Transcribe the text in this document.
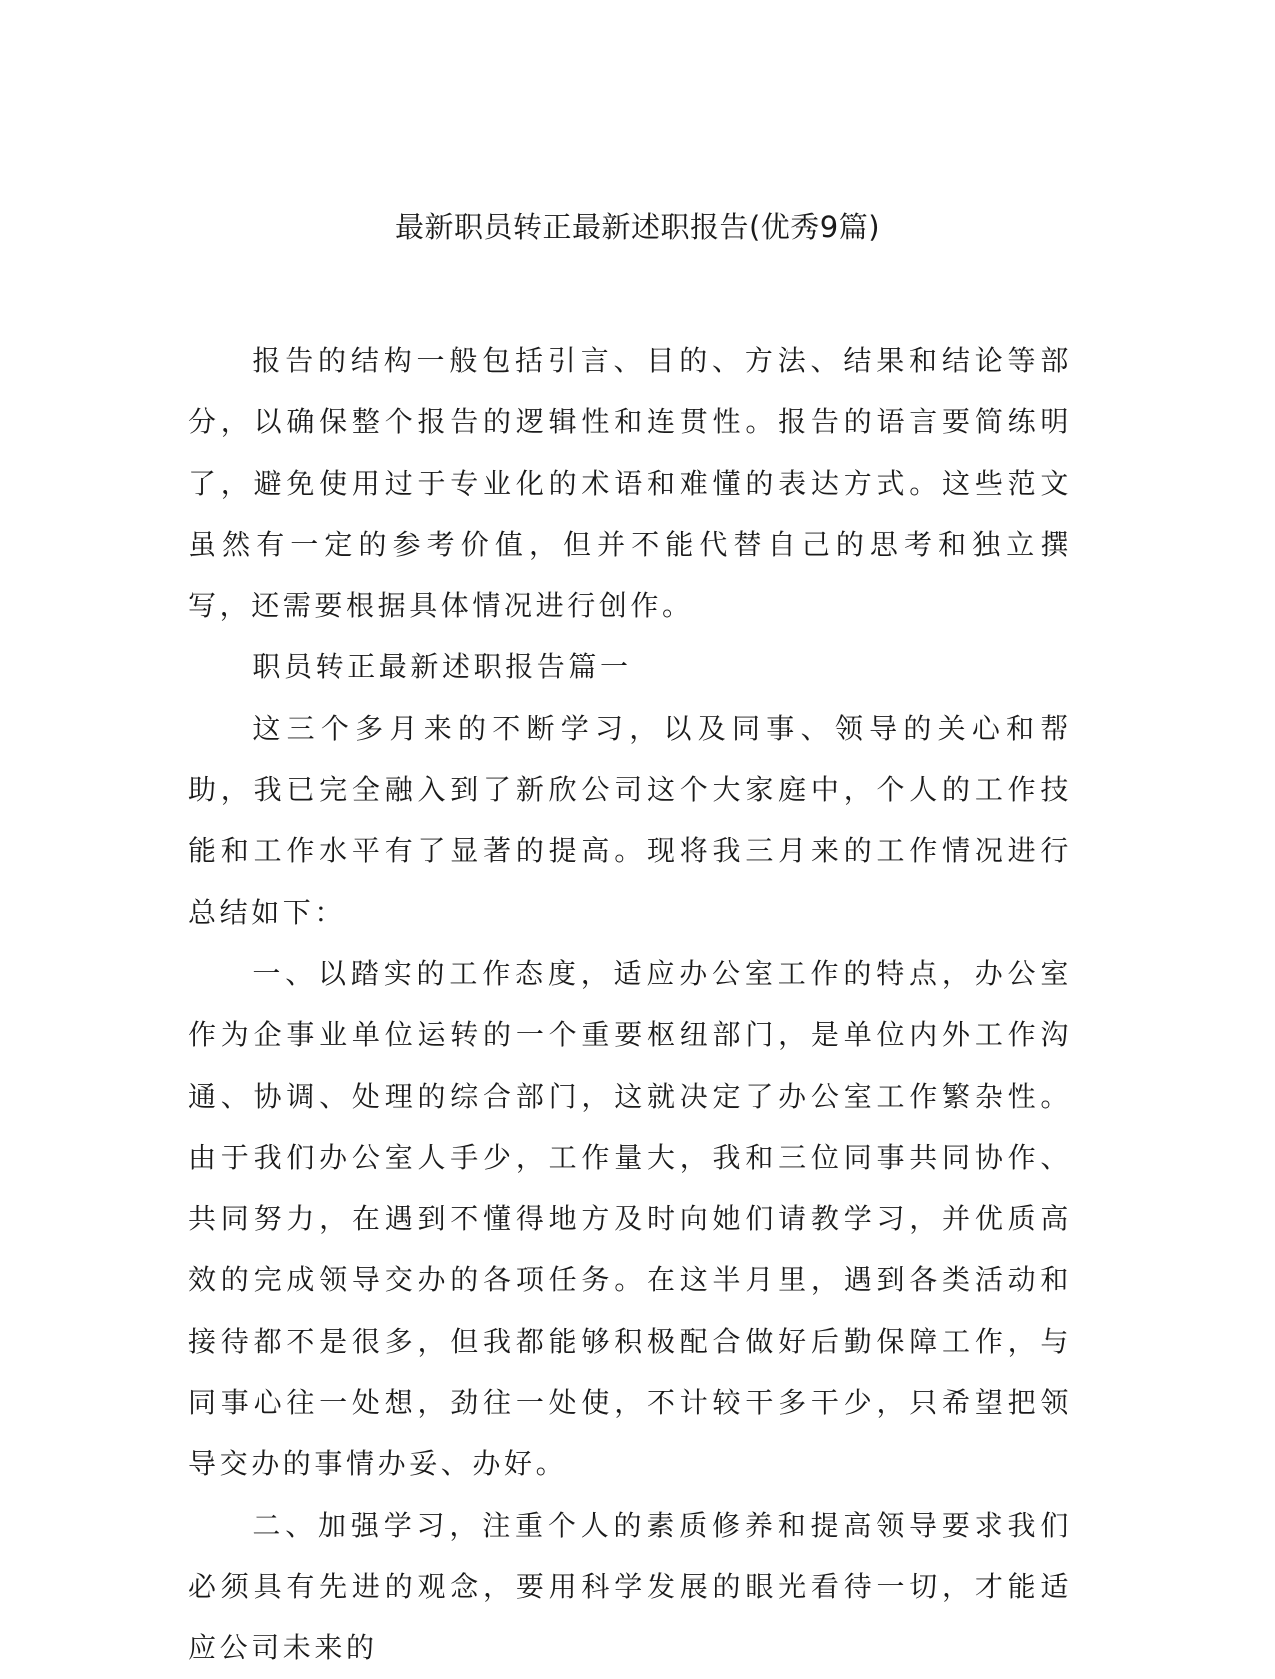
最新职员转正最新述职报告(优秀9篇)

报告的结构一般包括引言、目的、方法、结果和结论等部分，以确保整个报告的逻辑性和连贯性。报告的语言要简练明了，避免使用过于专业化的术语和难懂的表达方式。这些范文虽然有一定的参考价值，但并不能代替自己的思考和独立撰写，还需要根据具体情况进行创作。

职员转正最新述职报告篇一

这三个多月来的不断学习，以及同事、领导的关心和帮助，我已完全融入到了新欣公司这个大家庭中，个人的工作技能和工作水平有了显著的提高。现将我三月来的工作情况进行总结如下：

一、以踏实的工作态度，适应办公室工作的特点，办公室作为企事业单位运转的一个重要枢纽部门，是单位内外工作沟通、协调、处理的综合部门，这就决定了办公室工作繁杂性。由于我们办公室人手少，工作量大，我和三位同事共同协作、共同努力，在遇到不懂得地方及时向她们请教学习，并优质高效的完成领导交办的各项任务。在这半月里，遇到各类活动和接待都不是很多，但我都能够积极配合做好后勤保障工作，与同事心往一处想，劲往一处使，不计较干多干少，只希望把领导交办的事情办妥、办好。

二、加强学习，注重个人的素质修养和提高领导要求我们必须具有先进的观念，要用科学发展的眼光看待一切，才能适应公司未来的
